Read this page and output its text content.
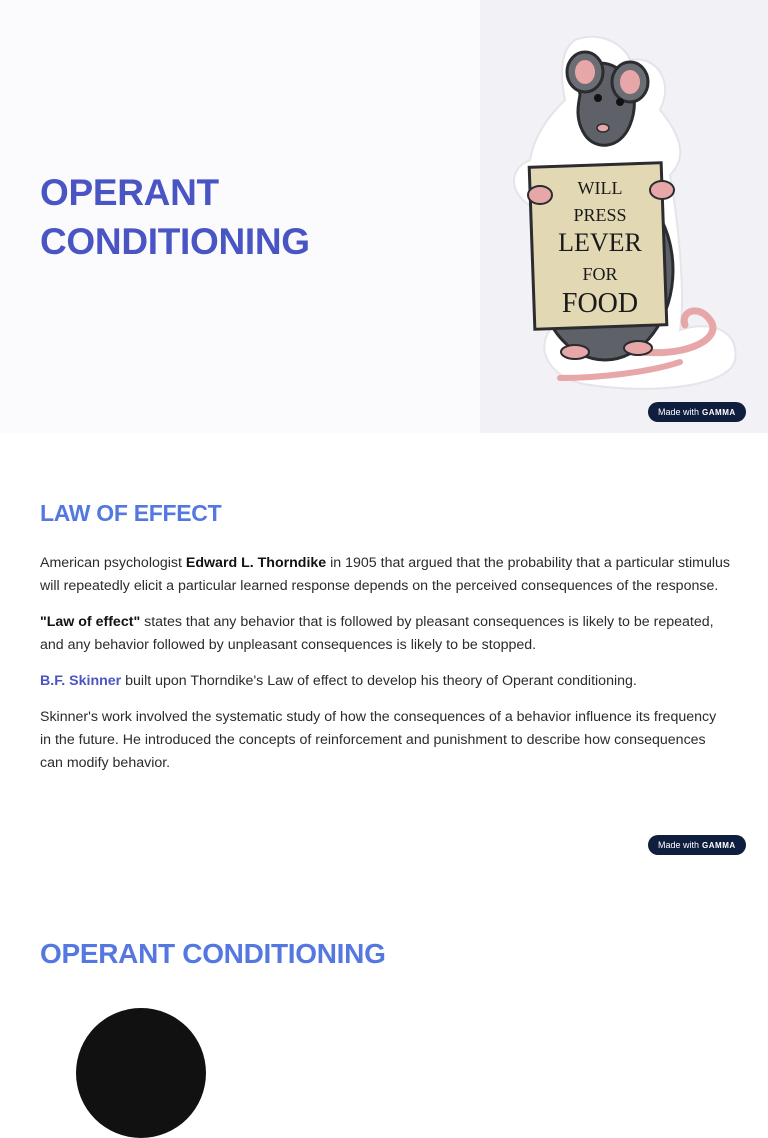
OPERANT
CONDITIONING
WILL
PRESS
LEVER
FOR
FOOD
Made with GAMMA
LAW OF EFFECT

American psychologist Edward L. Thorndike in 1905 that argued that the probability that a particular stimulus will repeatedly elicit a particular learned response depends on the perceived consequences of the response.

"Law of effect" states that any behavior that is followed by pleasant consequences is likely to be repeated, and any behavior followed by unpleasant consequences is likely to be stopped.

B.F. Skinner built upon Thorndike's Law of effect to develop his theory of Operant conditioning.

Skinner's work involved the systematic study of how the consequences of a behavior influence its frequency in the future. He introduced the concepts of reinforcement and punishment to describe how consequences can modify behavior.

Made with GAMMA
OPERANT CONDITIONING
